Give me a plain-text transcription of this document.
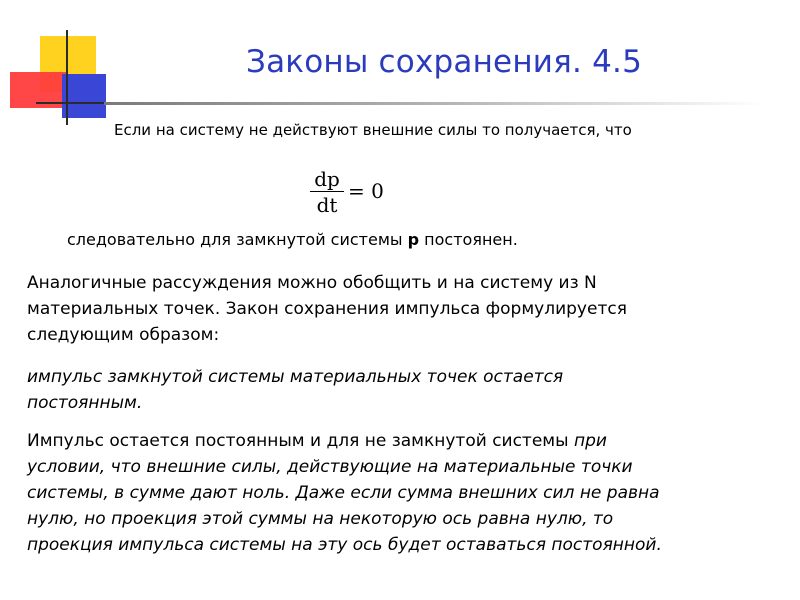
Законы сохранения. 4.5
Если на систему не действуют внешние силы то получается, что
dp
dt
= 0
следовательно для замкнутой системы p постоянен.
Аналогичные рассуждения можно обобщить и на систему из N
материальных точек. Закон сохранения импульса формулируется
следующим образом:
импульс замкнутой системы материальных точек остается
постоянным.
Импульс остается постоянным и для не замкнутой системы при
условии, что внешние силы, действующие на материальные точки
системы, в сумме дают ноль. Даже если сумма внешних сил не равна
нулю, но проекция этой суммы на некоторую ось равна нулю, то
проекция импульса системы на эту ось будет оставаться постоянной.
